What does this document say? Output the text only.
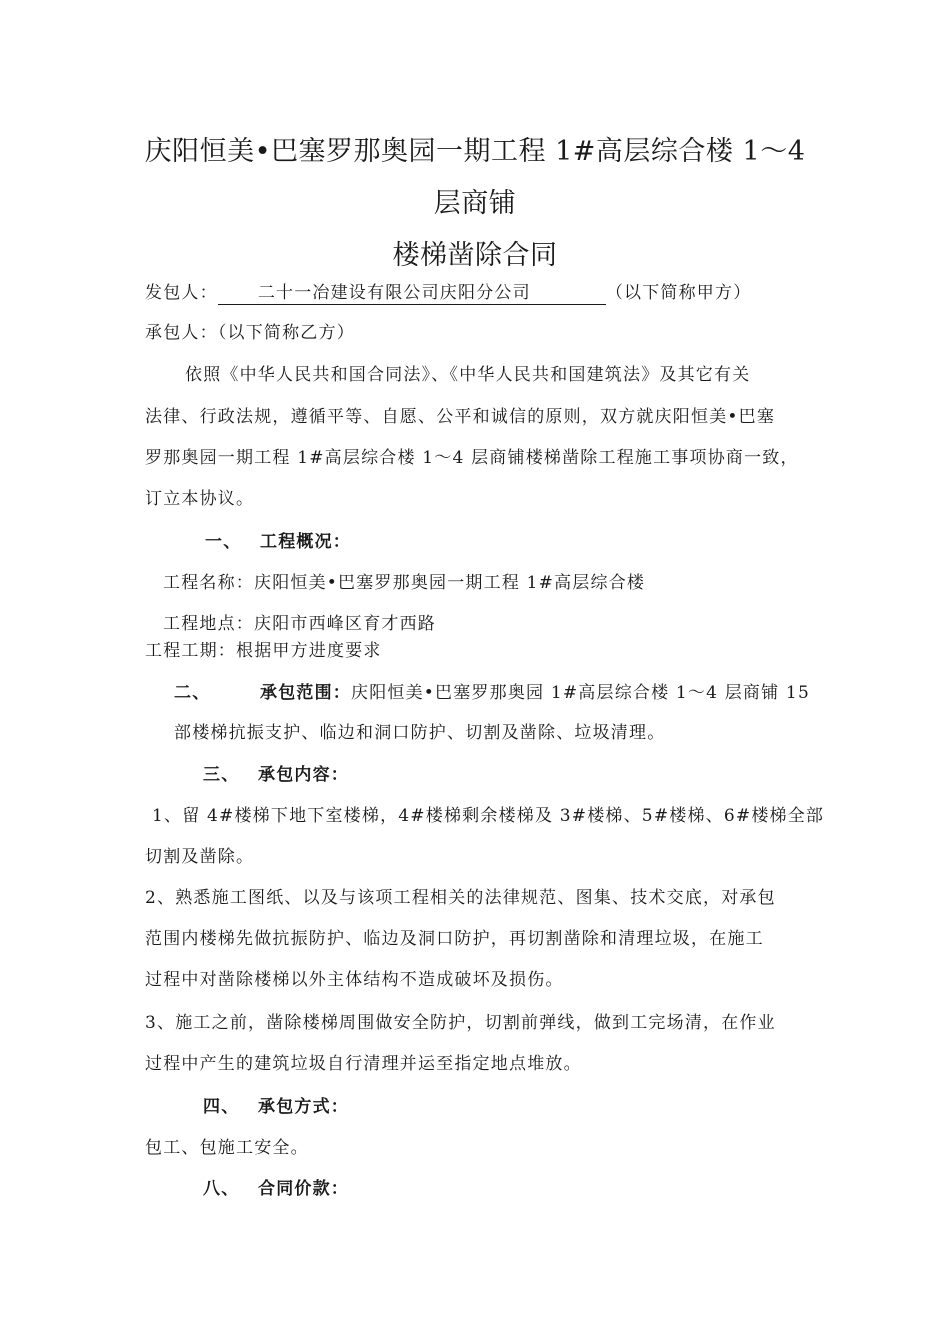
庆阳恒美•巴塞罗那奥园一期工程 1#高层综合楼 1～4 层商铺
楼梯凿除合同
发包人： 二十一冶建设有限公司庆阳分公司	（以下简称甲方）
承包人：（以下简称乙方）
依照《中华人民共和国合同法》、《中华人民共和国建筑法》及其它有关
法律、行政法规，遵循平等、自愿、公平和诚信的原则，双方就庆阳恒美•巴塞
罗那奥园一期工程 1#高层综合楼 1～4 层商铺楼梯凿除工程施工事项协商一致，
订立本协议。
一、 工程概况：
工程名称：庆阳恒美•巴塞罗那奥园一期工程 1#高层综合楼
工程地点：庆阳市西峰区育才西路
工程工期：根据甲方进度要求
二、	承包范围：庆阳恒美•巴塞罗那奥园 1#高层综合楼 1～4 层商铺 15
部楼梯抗振支护、临边和洞口防护、切割及凿除、垃圾清理。
三、 承包内容：
1、留 4#楼梯下地下室楼梯，4#楼梯剩余楼梯及 3#楼梯、5#楼梯、6#楼梯全部
切割及凿除。
2、熟悉施工图纸、以及与该项工程相关的法律规范、图集、技术交底，对承包
范围内楼梯先做抗振防护、临边及洞口防护，再切割凿除和清理垃圾，在施工
过程中对凿除楼梯以外主体结构不造成破坏及损伤。
3、施工之前，凿除楼梯周围做安全防护，切割前弹线，做到工完场清，在作业
过程中产生的建筑垃圾自行清理并运至指定地点堆放。
四、 承包方式：
包工、包施工安全。
八、 合同价款：
